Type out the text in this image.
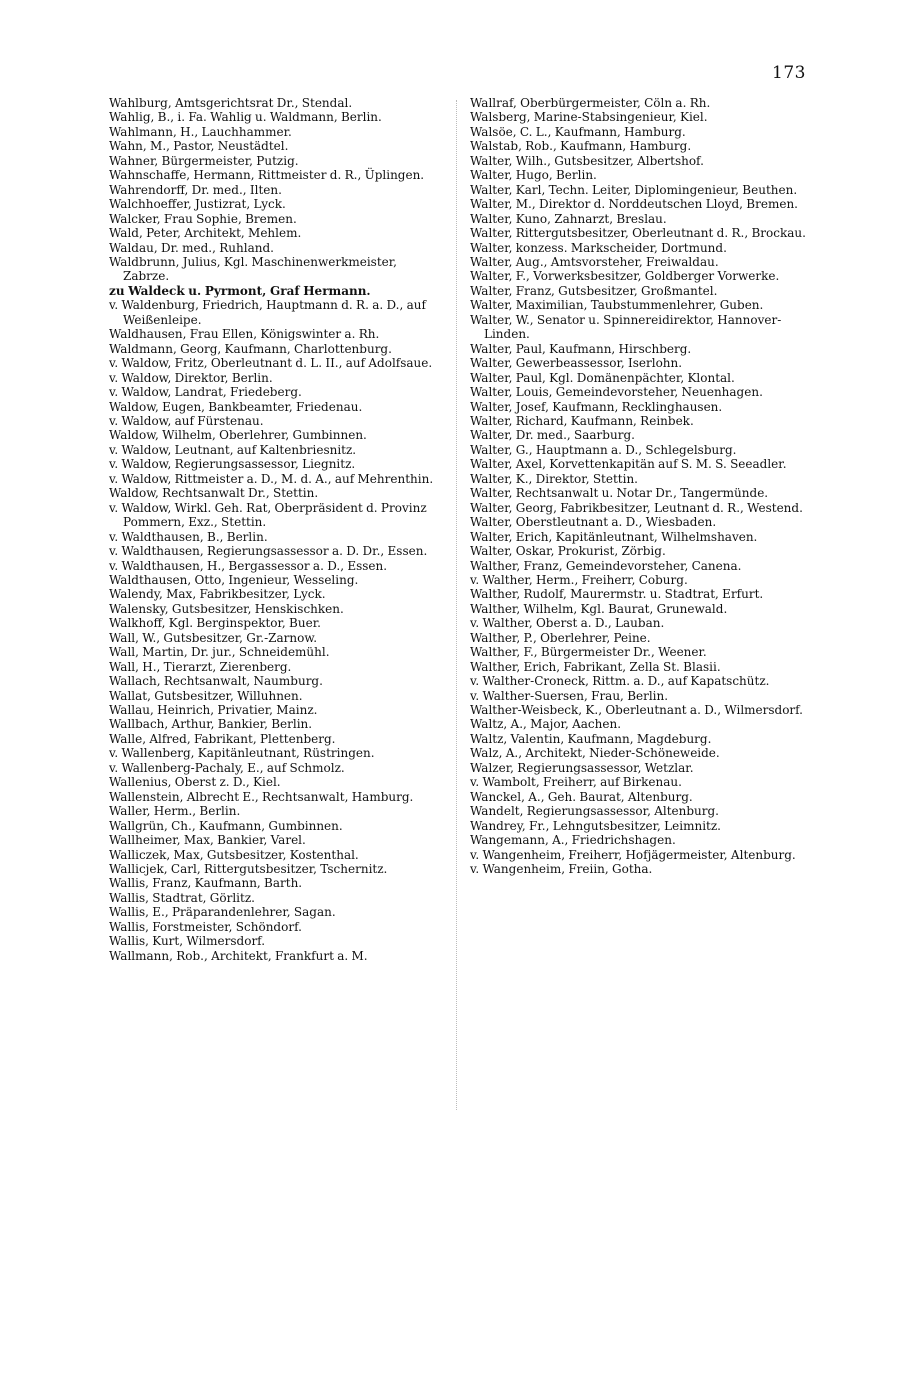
173

Wahlburg, Amtsgerichtsrat Dr., Stendal.

Wahlig, B., i. Fa. Wahlig u. Waldmann, Berlin.

Wahlmann, H., Lauchhammer.

Wahn, M., Pastor, Neustädtel.

Wahner, Bürgermeister, Putzig.

Wahnschaffe, Hermann, Rittmeister d. R., Üplingen.

Wahrendorff, Dr. med., Ilten.

Walchhoeffer, Justizrat, Lyck.

Walcker, Frau Sophie, Bremen.

Wald, Peter, Architekt, Mehlem.

Waldau, Dr. med., Ruhland.

Waldbrunn, Julius, Kgl. Maschinenwerkmeister, Zabrze.

zu Waldeck u. Pyrmont, Graf Hermann.

v. Waldenburg, Friedrich, Hauptmann d. R. a. D., auf Weißenleipe.

Waldhausen, Frau Ellen, Königswinter a. Rh.

Waldmann, Georg, Kaufmann, Charlottenburg.

v. Waldow, Fritz, Oberleutnant d. L. II., auf Adolfsaue.

v. Waldow, Direktor, Berlin.

v. Waldow, Landrat, Friedeberg.

Waldow, Eugen, Bankbeamter, Friedenau.

v. Waldow, auf Fürstenau.

Waldow, Wilhelm, Oberlehrer, Gumbinnen.

v. Waldow, Leutnant, auf Kaltenbriesnitz.

v. Waldow, Regierungsassessor, Liegnitz.

v. Waldow, Rittmeister a. D., M. d. A., auf Mehrenthin.

Waldow, Rechtsanwalt Dr., Stettin.

v. Waldow, Wirkl. Geh. Rat, Oberpräsident d. Provinz Pommern, Exz., Stettin.

v. Waldthausen, B., Berlin.

v. Waldthausen, Regierungsassessor a. D. Dr., Essen.

v. Waldthausen, H., Bergassessor a. D., Essen.

Waldthausen, Otto, Ingenieur, Wesseling.

Walendy, Max, Fabrikbesitzer, Lyck.

Walensky, Gutsbesitzer, Henskischken.

Walkhoff, Kgl. Berginspektor, Buer.

Wall, W., Gutsbesitzer, Gr.-Zarnow.

Wall, Martin, Dr. jur., Schneidemühl.

Wall, H., Tierarzt, Zierenberg.

Wallach, Rechtsanwalt, Naumburg.

Wallat, Gutsbesitzer, Willuhnen.

Wallau, Heinrich, Privatier, Mainz.

Wallbach, Arthur, Bankier, Berlin.

Walle, Alfred, Fabrikant, Plettenberg.

v. Wallenberg, Kapitänleutnant, Rüstringen.

v. Wallenberg-Pachaly, E., auf Schmolz.

Wallenius, Oberst z. D., Kiel.

Wallenstein, Albrecht E., Rechtsanwalt, Hamburg.

Waller, Herm., Berlin.

Wallgrün, Ch., Kaufmann, Gumbinnen.

Wallheimer, Max, Bankier, Varel.

Walliczek, Max, Gutsbesitzer, Kostenthal.

Wallicjek, Carl, Rittergutsbesitzer, Tschernitz.

Wallis, Franz, Kaufmann, Barth.

Wallis, Stadtrat, Görlitz.

Wallis, E., Präparandenlehrer, Sagan.

Wallis, Forstmeister, Schöndorf.

Wallis, Kurt, Wilmersdorf.

Wallmann, Rob., Architekt, Frankfurt a. M.

Wallraf, Oberbürgermeister, Cöln a. Rh.

Walsberg, Marine-Stabsingenieur, Kiel.

Walsöe, C. L., Kaufmann, Hamburg.

Walstab, Rob., Kaufmann, Hamburg.

Walter, Wilh., Gutsbesitzer, Albertshof.

Walter, Hugo, Berlin.

Walter, Karl, Techn. Leiter, Diplomingenieur, Beuthen.

Walter, M., Direktor d. Norddeutschen Lloyd, Bremen.

Walter, Kuno, Zahnarzt, Breslau.

Walter, Rittergutsbesitzer, Oberleutnant d. R., Brockau.

Walter, konzess. Markscheider, Dortmund.

Walter, Aug., Amtsvorsteher, Freiwaldau.

Walter, F., Vorwerksbesitzer, Goldberger Vorwerke.

Walter, Franz, Gutsbesitzer, Großmantel.

Walter, Maximilian, Taubstummenlehrer, Guben.

Walter, W., Senator u. Spinnereidirektor, Hannover-Linden.

Walter, Paul, Kaufmann, Hirschberg.

Walter, Gewerbeassessor, Iserlohn.

Walter, Paul, Kgl. Domänenpächter, Klontal.

Walter, Louis, Gemeindevorsteher, Neuenhagen.

Walter, Josef, Kaufmann, Recklinghausen.

Walter, Richard, Kaufmann, Reinbek.

Walter, Dr. med., Saarburg.

Walter, G., Hauptmann a. D., Schlegelsburg.

Walter, Axel, Korvettenkapitän auf S. M. S. Seeadler.

Walter, K., Direktor, Stettin.

Walter, Rechtsanwalt u. Notar Dr., Tangermünde.

Walter, Georg, Fabrikbesitzer, Leutnant d. R., Westend.

Walter, Oberstleutnant a. D., Wiesbaden.

Walter, Erich, Kapitänleutnant, Wilhelmshaven.

Walter, Oskar, Prokurist, Zörbig.

Walther, Franz, Gemeindevorsteher, Canena.

v. Walther, Herm., Freiherr, Coburg.

Walther, Rudolf, Maurermstr. u. Stadtrat, Erfurt.

Walther, Wilhelm, Kgl. Baurat, Grunewald.

v. Walther, Oberst a. D., Lauban.

Walther, P., Oberlehrer, Peine.

Walther, F., Bürgermeister Dr., Weener.

Walther, Erich, Fabrikant, Zella St. Blasii.

v. Walther-Croneck, Rittm. a. D., auf Kapatschütz.

v. Walther-Suersen, Frau, Berlin.

Walther-Weisbeck, K., Oberleutnant a. D., Wilmersdorf.

Waltz, A., Major, Aachen.

Waltz, Valentin, Kaufmann, Magdeburg.

Walz, A., Architekt, Nieder-Schöneweide.

Walzer, Regierungsassessor, Wetzlar.

v. Wambolt, Freiherr, auf Birkenau.

Wanckel, A., Geh. Baurat, Altenburg.

Wandelt, Regierungsassessor, Altenburg.

Wandrey, Fr., Lehngutsbesitzer, Leimnitz.

Wangemann, A., Friedrichshagen.

v. Wangenheim, Freiherr, Hofjägermeister, Altenburg.

v. Wangenheim, Freiin, Gotha.
